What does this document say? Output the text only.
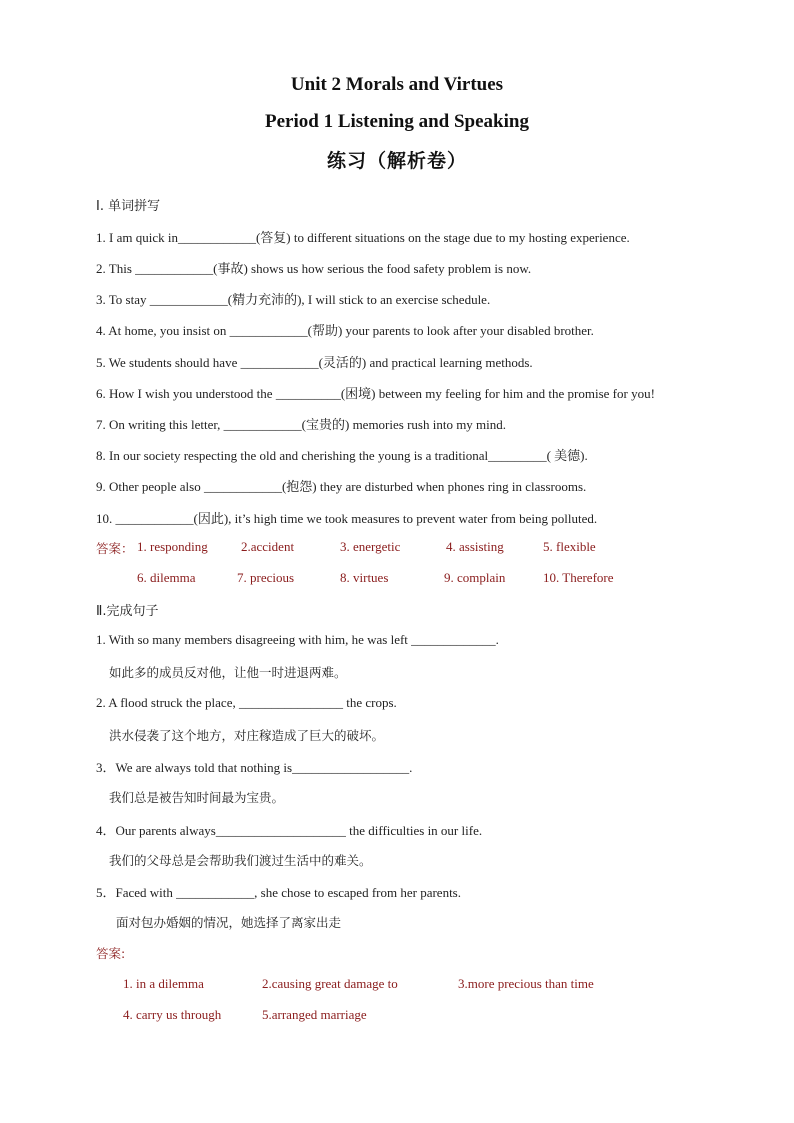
Unit 2 Morals and Virtues
Period 1 Listening and Speaking
练习（解析卷）
I. 单词拼写
1. I am quick in____________(答复) to different situations on the stage due to my hosting experience.
2. This ____________(事故) shows us how serious the food safety problem is now.
3. To stay ____________(精力充沛的), I will stick to an exercise schedule.
4. At home, you insist on ____________(帮助) your parents to look after your disabled brother.
5. We students should have ____________(灵活的) and practical learning methods.
6. How I wish you understood the __________(困境) between my feeling for him and the promise for you!
7. On writing this letter, ____________(宝贵的) memories rush into my mind.
8. In our society respecting the old and cherishing the young is a traditional_________( 美德).
9. Other people also ____________(抱怨) they are disturbed when phones ring in classrooms.
10. ____________(因此), it’s high time we took measures to prevent water from being polluted.
答案： 1. responding	2.accident	3. energetic	4. assisting	5. flexible
6. dilemma	7. precious	8. virtues	9. complain	10. Therefore
Ⅱ.完成句子
1. With so many members disagreeing with him, he was left _____________.
如此多的成员反对他，让他一时进退两难。
2. A flood struck the place, ________________ the crops.
洪水侵袭了这个地方，对庄稼造成了巨大的破坏。
3．We are always told that nothing is__________________.
我们总是被告知时间最为宝贵。
4．Our parents always____________________ the difficulties in our life.
我们的父母总是会帮助我们渡过生活中的难关。
5．Faced with ____________, she chose to escaped from her parents.
面对包办婚姻的情况，她选择了离家出走
答案:
1. in a dilemma	2.causing great damage to	3.more precious than time
4. carry us through	5.arranged marriage
